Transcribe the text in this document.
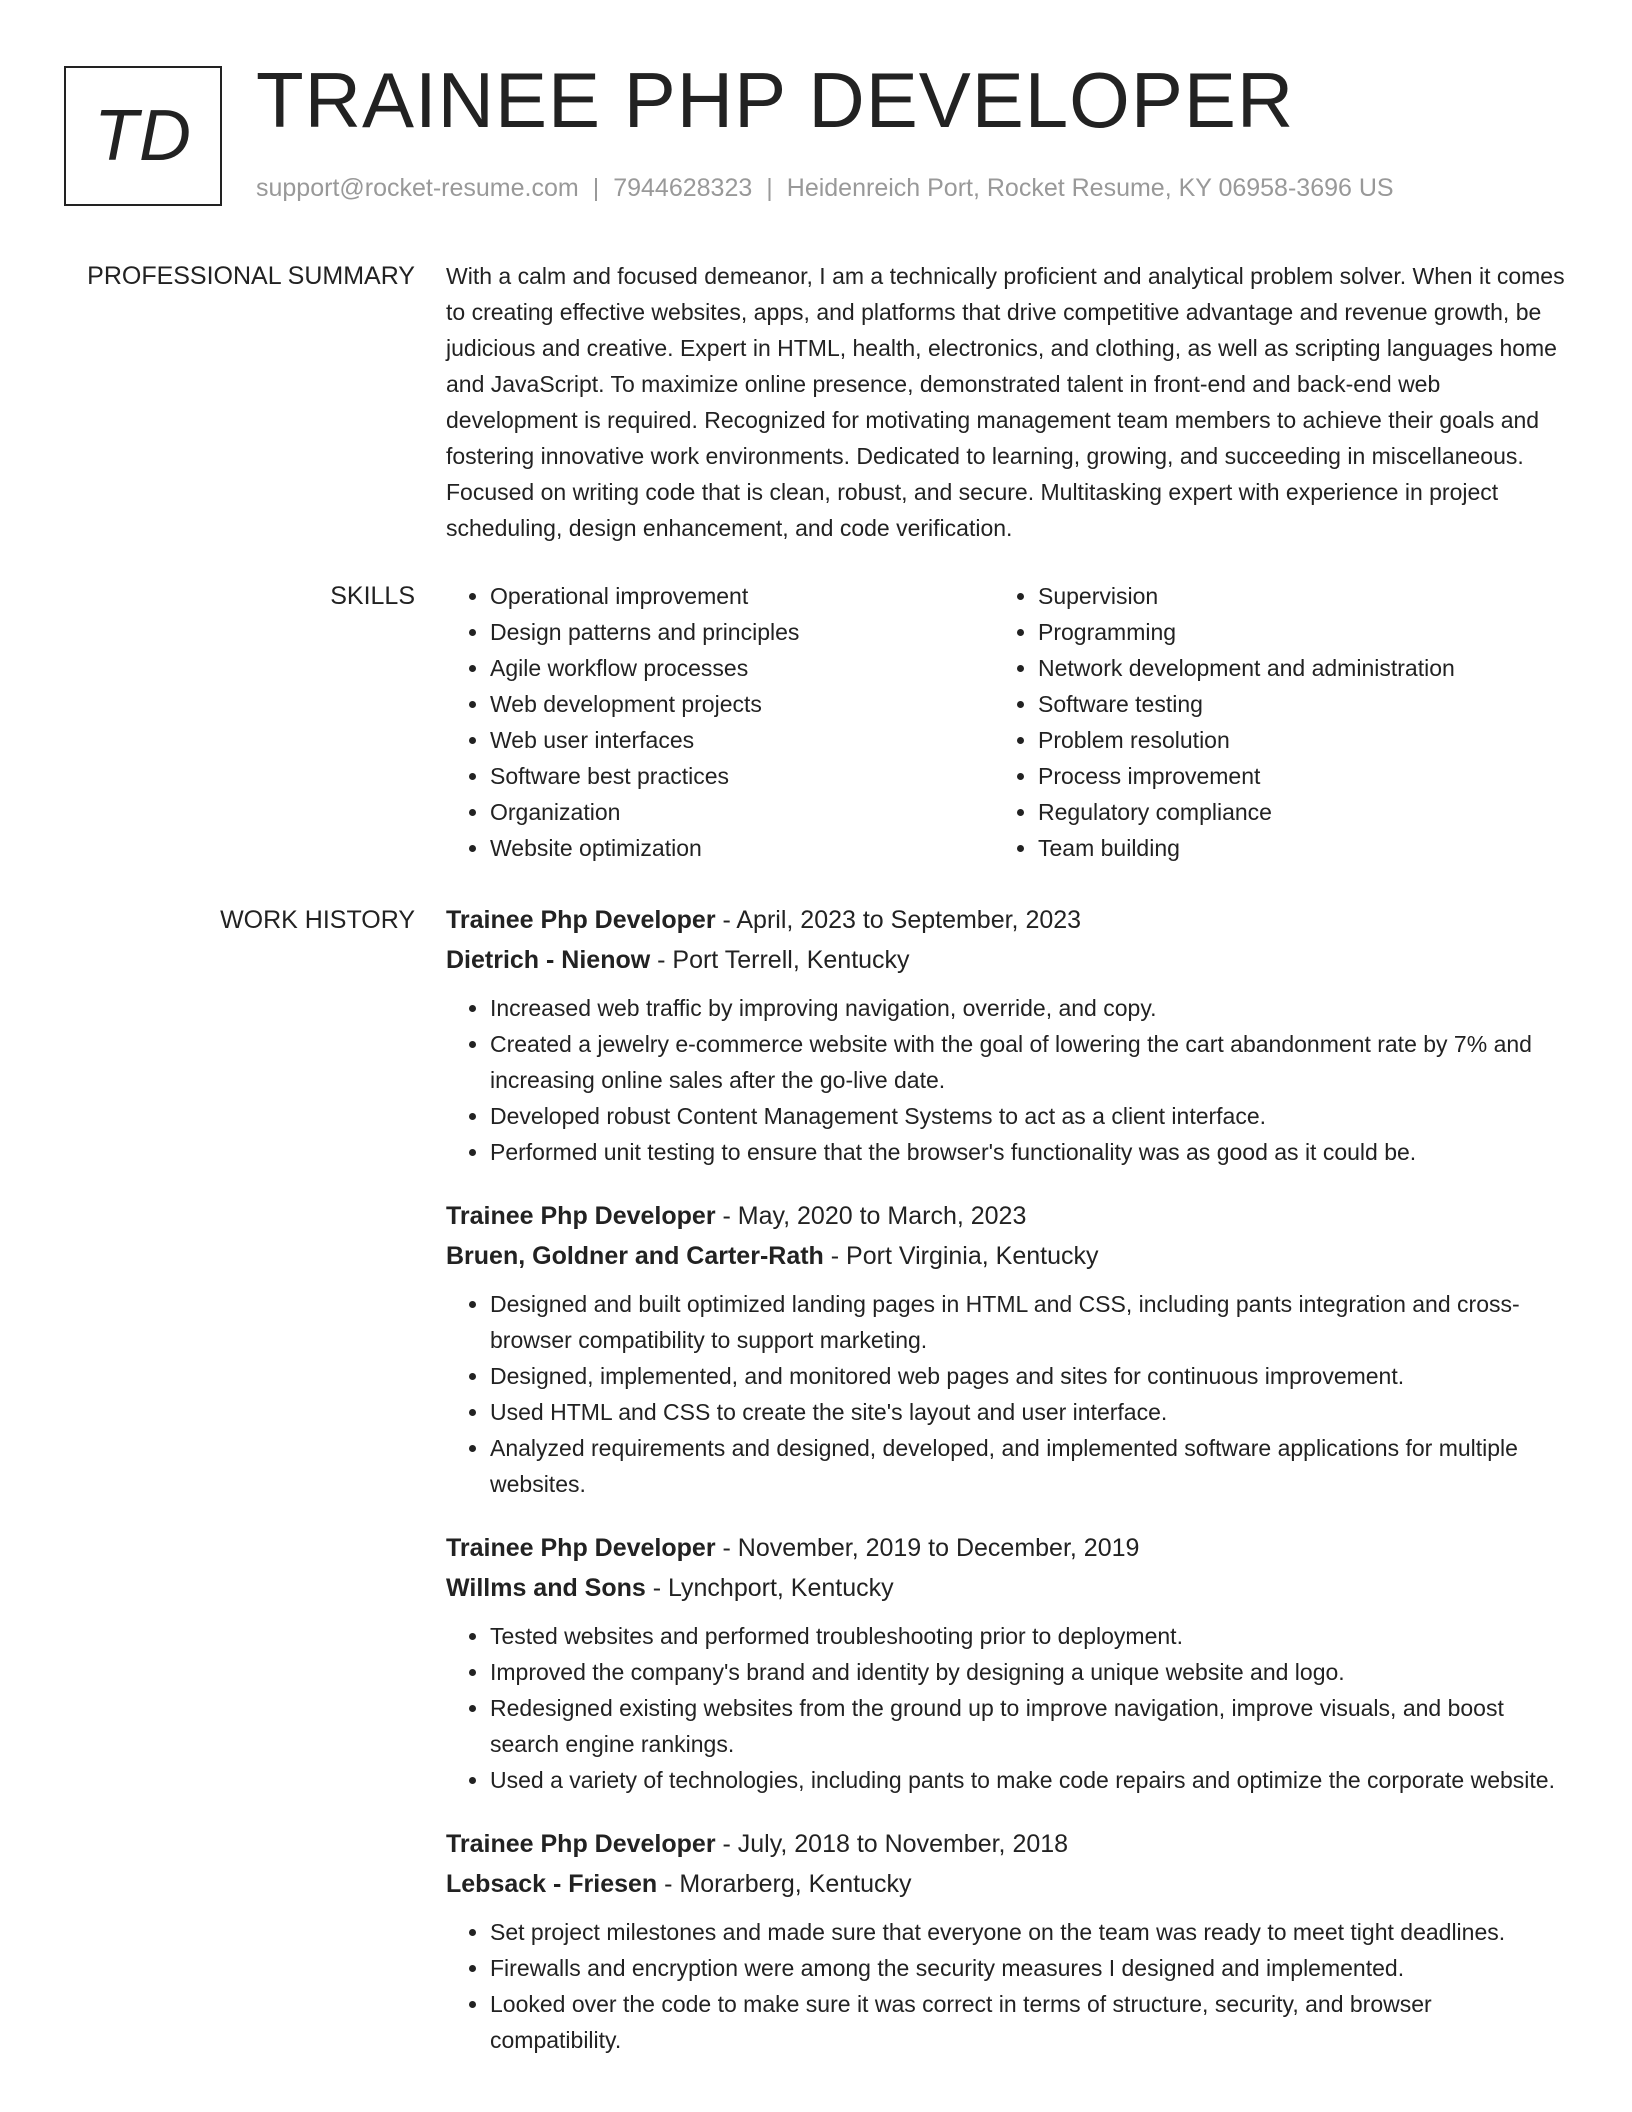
TD TRAINEE PHP DEVELOPER
support@rocket-resume.com | 7944628323 | Heidenreich Port, Rocket Resume, KY 06958-3696 US
PROFESSIONAL SUMMARY With a calm and focused demeanor, I am a technically proficient and analytical problem solver. When it comes to creating effective websites, apps, and platforms that drive competitive advantage and revenue growth, be judicious and creative. Expert in HTML, health, electronics, and clothing, as well as scripting languages home and JavaScript. To maximize online presence, demonstrated talent in front-end and back-end web development is required. Recognized for motivating management team members to achieve their goals and fostering innovative work environments. Dedicated to learning, growing, and succeeding in miscellaneous. Focused on writing code that is clean, robust, and secure. Multitasking expert with experience in project scheduling, design enhancement, and code verification.

SKILLS
•	Operational improvement
• Design patterns and principles
• Agile workflow processes
• Web development projects
• Web user interfaces
• Software best practices
• Organization
• Website optimization
• Supervision
• Programming
• Network development and administration
• Software testing
• Problem resolution
• Process improvement
• Regulatory compliance
• Team building
WORK HISTORY Trainee Php Developer - April, 2023 to September, 2023
Dietrich - Nienow - Port Terrell, Kentucky
• Increased web traffic by improving navigation, override, and copy.
• Created a jewelry e-commerce website with the goal of lowering the cart abandonment rate by 7% and increasing online sales after the go-live date.
• Developed robust Content Management Systems to act as a client interface.
• Performed unit testing to ensure that the browser's functionality was as good as it could be.
Trainee Php Developer - May, 2020 to March, 2023
Bruen, Goldner and Carter-Rath - Port Virginia, Kentucky
• Designed and built optimized landing pages in HTML and CSS, including pants integration and cross-browser compatibility to support marketing.
• Designed, implemented, and monitored web pages and sites for continuous improvement.
• Used HTML and CSS to create the site's layout and user interface.
• Analyzed requirements and designed, developed, and implemented software applications for multiple websites.
Trainee Php Developer - November, 2019 to December, 2019
Willms and Sons - Lynchport, Kentucky
• Tested websites and performed troubleshooting prior to deployment.
• Improved the company's brand and identity by designing a unique website and logo.
• Redesigned existing websites from the ground up to improve navigation, improve visuals, and boost search engine rankings.
• Used a variety of technologies, including pants to make code repairs and optimize the corporate website.
Trainee Php Developer - July, 2018 to November, 2018
Lebsack - Friesen - Morarberg, Kentucky
• Set project milestones and made sure that everyone on the team was ready to meet tight deadlines.
• Firewalls and encryption were among the security measures I designed and implemented.
• Looked over the code to make sure it was correct in terms of structure, security, and browser compatibility.
